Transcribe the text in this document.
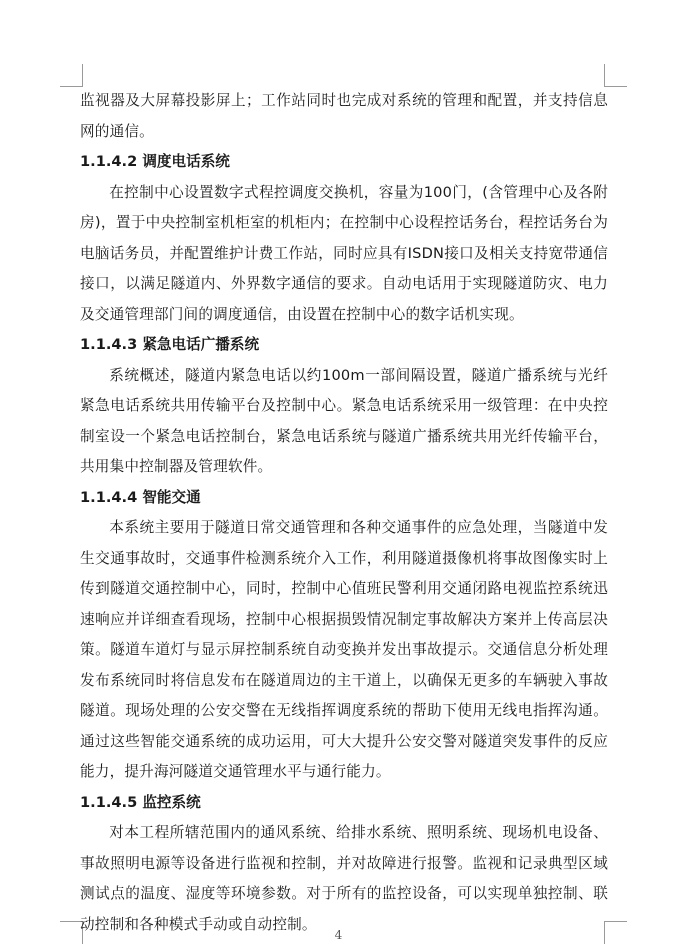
监视器及大屏幕投影屏上；工作站同时也完成对系统的管理和配置，并支持信息网的通信。

1.1.4.2 调度电话系统

在控制中心设置数字式程控调度交换机，容量为100门，(含管理中心及各附房)，置于中央控制室机柜室的机柜内；在控制中心设程控话务台，程控话务台为电脑话务员，并配置维护计费工作站，同时应具有ISDN接口及相关支持宽带通信接口，以满足隧道内、外界数字通信的要求。自动电话用于实现隧道防灾、电力及交通管理部门间的调度通信，由设置在控制中心的数字话机实现。

1.1.4.3 紧急电话广播系统

系统概述，隧道内紧急电话以约100m一部间隔设置，隧道广播系统与光纤紧急电话系统共用传输平台及控制中心。紧急电话系统采用一级管理：在中央控制室设一个紧急电话控制台，紧急电话系统与隧道广播系统共用光纤传输平台，共用集中控制器及管理软件。

1.1.4.4 智能交通

本系统主要用于隧道日常交通管理和各种交通事件的应急处理，当隧道中发生交通事故时，交通事件检测系统介入工作，利用隧道摄像机将事故图像实时上传到隧道交通控制中心，同时，控制中心值班民警利用交通闭路电视监控系统迅速响应并详细查看现场，控制中心根据损毁情况制定事故解决方案并上传高层决策。隧道车道灯与显示屏控制系统自动变换并发出事故提示。交通信息分析处理发布系统同时将信息发布在隧道周边的主干道上，以确保无更多的车辆驶入事故隧道。现场处理的公安交警在无线指挥调度系统的帮助下使用无线电指挥沟通。通过这些智能交通系统的成功运用，可大大提升公安交警对隧道突发事件的反应能力，提升海河隧道交通管理水平与通行能力。

1.1.4.5 监控系统

对本工程所辖范围内的通风系统、给排水系统、照明系统、现场机电设备、事故照明电源等设备进行监视和控制，并对故障进行报警。监视和记录典型区域测试点的温度、湿度等环境参数。对于所有的监控设备，可以实现单独控制、联动控制和各种模式手动或自动控制。

4
